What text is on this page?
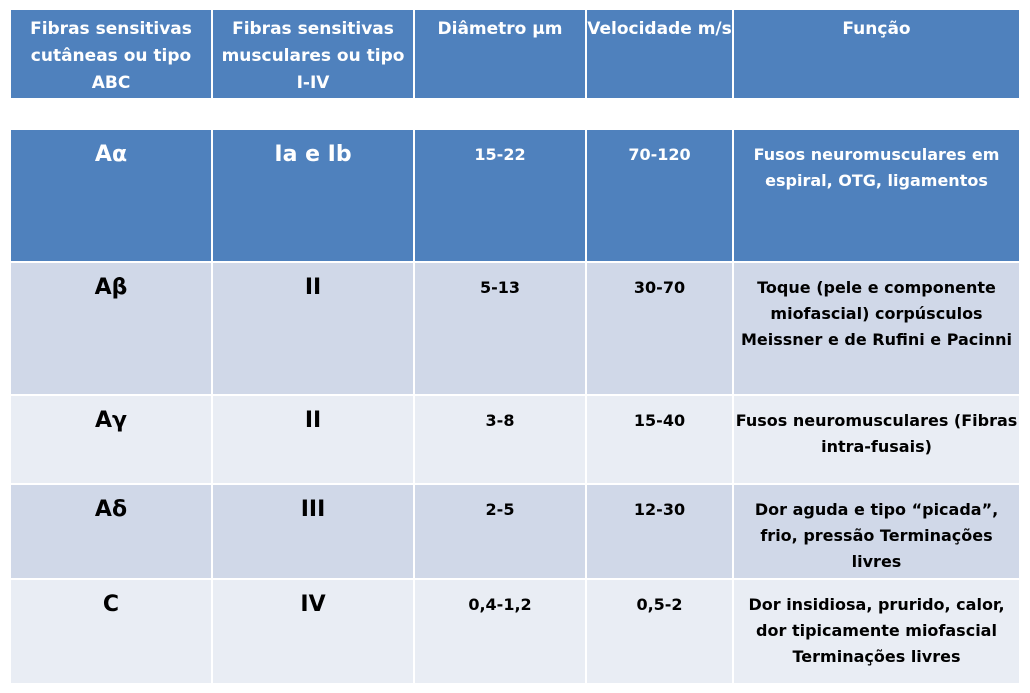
Fibras sensitivas cutâneas ou tipo ABC	Fibras sensitivas musculares ou tipo I-IV	Diâmetro µm	Velocidade m/s	Função
Aα	Ia e Ib	15-22	70-120	Fusos neuromusculares em espiral, OTG, ligamentos
Aβ	II	5-13	30-70	Toque (pele e componente miofascial) corpúsculos Meissner e de Rufini e Pacinni
Aγ	II	3-8	15-40	Fusos neuromusculares (Fibras intra-fusais)
Aδ	III	2-5	12-30	Dor aguda e tipo “picada”, frio, pressão Terminações livres
C	IV	0,4-1,2	0,5-2	Dor insidiosa, prurido, calor, dor tipicamente miofascial Terminações livres
